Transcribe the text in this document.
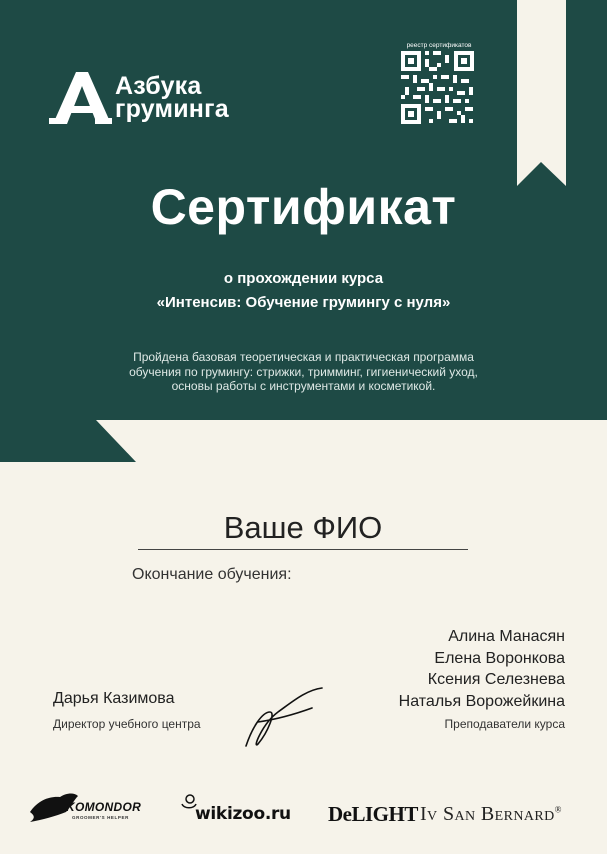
Азбука
груминга
реестр сертификатов
Сертификат
о прохождении курса
«Интенсив: Обучение грумингу с нуля»
Пройдена базовая теоретическая и практическая программа
обучения по грумингу: стрижки, тримминг, гигиенический уход,
основы работы с инструментами и косметикой.
Ваше ФИО
Окончание обучения:
Алина Манасян
Елена Воронкова
Ксения Селезнева
Наталья Ворожейкина
Преподаватели курса
Дарья Казимова
Директор учебного центра
KOMONDOR
GROOMER'S HELPER	wikizoo.ru DeLIGHT Iv San Bernard®
